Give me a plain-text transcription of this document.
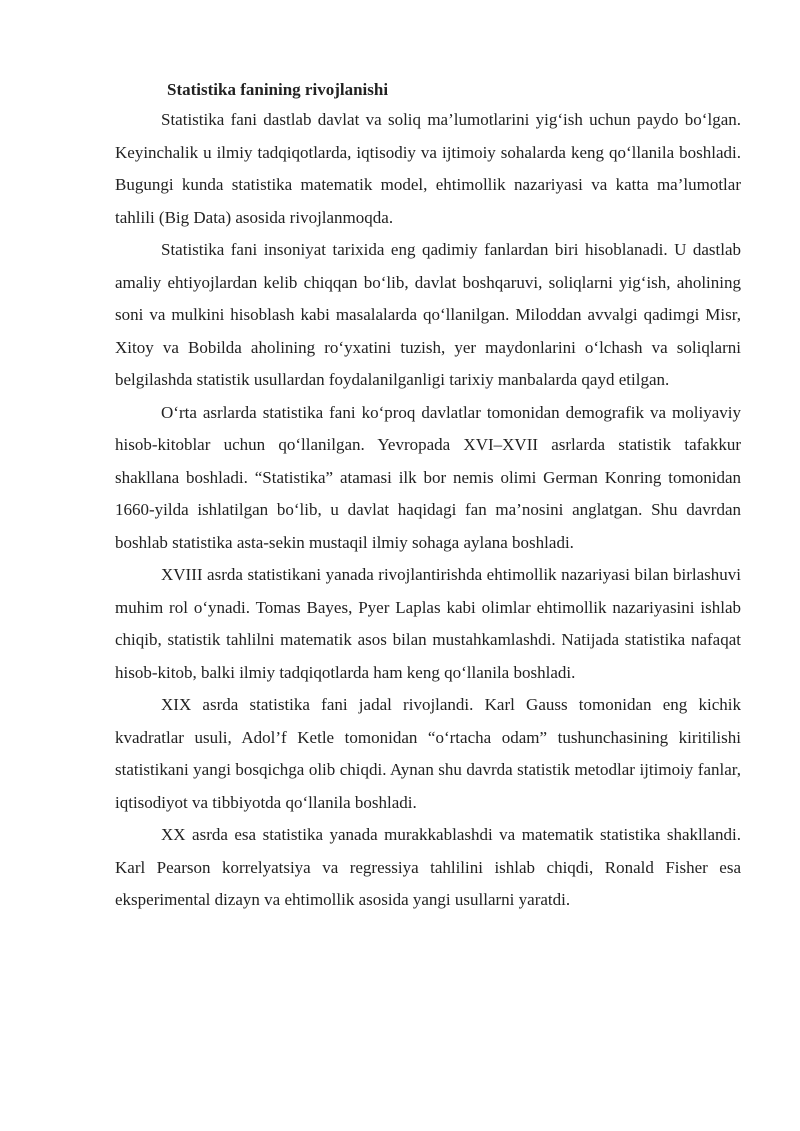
Statistika fanining rivojlanishi

Statistika fani dastlab davlat va soliq ma’lumotlarini yig‘ish uchun paydo bo‘lgan. Keyinchalik u ilmiy tadqiqotlarda, iqtisodiy va ijtimoiy sohalarda keng qo‘llanila boshladi. Bugungi kunda statistika matematik model, ehtimollik nazariyasi va katta ma’lumotlar tahlili (Big Data) asosida rivojlanmoqda.

Statistika fani insoniyat tarixida eng qadimiy fanlardan biri hisoblanadi. U dastlab amaliy ehtiyojlardan kelib chiqqan bo‘lib, davlat boshqaruvi, soliqlarni yig‘ish, aholining soni va mulkini hisoblash kabi masalalarda qo‘llanilgan. Miloddan avvalgi qadimgi Misr, Xitoy va Bobilda aholining ro‘yxatini tuzish, yer maydonlarini o‘lchash va soliqlarni belgilashda statistik usullardan foydalanilganligi tarixiy manbalarda qayd etilgan.

O‘rta asrlarda statistika fani ko‘proq davlatlar tomonidan demografik va moliyaviy hisob-kitoblar uchun qo‘llanilgan. Yevropada XVI–XVII asrlarda statistik tafakkur shakllana boshladi. “Statistika” atamasi ilk bor nemis olimi German Konring tomonidan 1660-yilda ishlatilgan bo‘lib, u davlat haqidagi fan ma’nosini anglatgan. Shu davrdan boshlab statistika asta-sekin mustaqil ilmiy sohaga aylana boshladi.

XVIII asrda statistikani yanada rivojlantirishda ehtimollik nazariyasi bilan birlashuvi muhim rol o‘ynadi. Tomas Bayes, Pyer Laplas kabi olimlar ehtimollik nazariyasini ishlab chiqib, statistik tahlilni matematik asos bilan mustahkamlashdi. Natijada statistika nafaqat hisob-kitob, balki ilmiy tadqiqotlarda ham keng qo‘llanila boshladi.

XIX asrda statistika fani jadal rivojlandi. Karl Gauss tomonidan eng kichik kvadratlar usuli, Adol’f Ketle tomonidan “o‘rtacha odam” tushunchasining kiritilishi statistikani yangi bosqichga olib chiqdi. Aynan shu davrda statistik metodlar ijtimoiy fanlar, iqtisodiyot va tibbiyotda qo‘llanila boshladi.

XX asrda esa statistika yanada murakkablashdi va matematik statistika shakllandi. Karl Pearson korrelyatsiya va regressiya tahlilini ishlab chiqdi, Ronald Fisher esa eksperimental dizayn va ehtimollik asosida yangi usullarni yaratdi.
